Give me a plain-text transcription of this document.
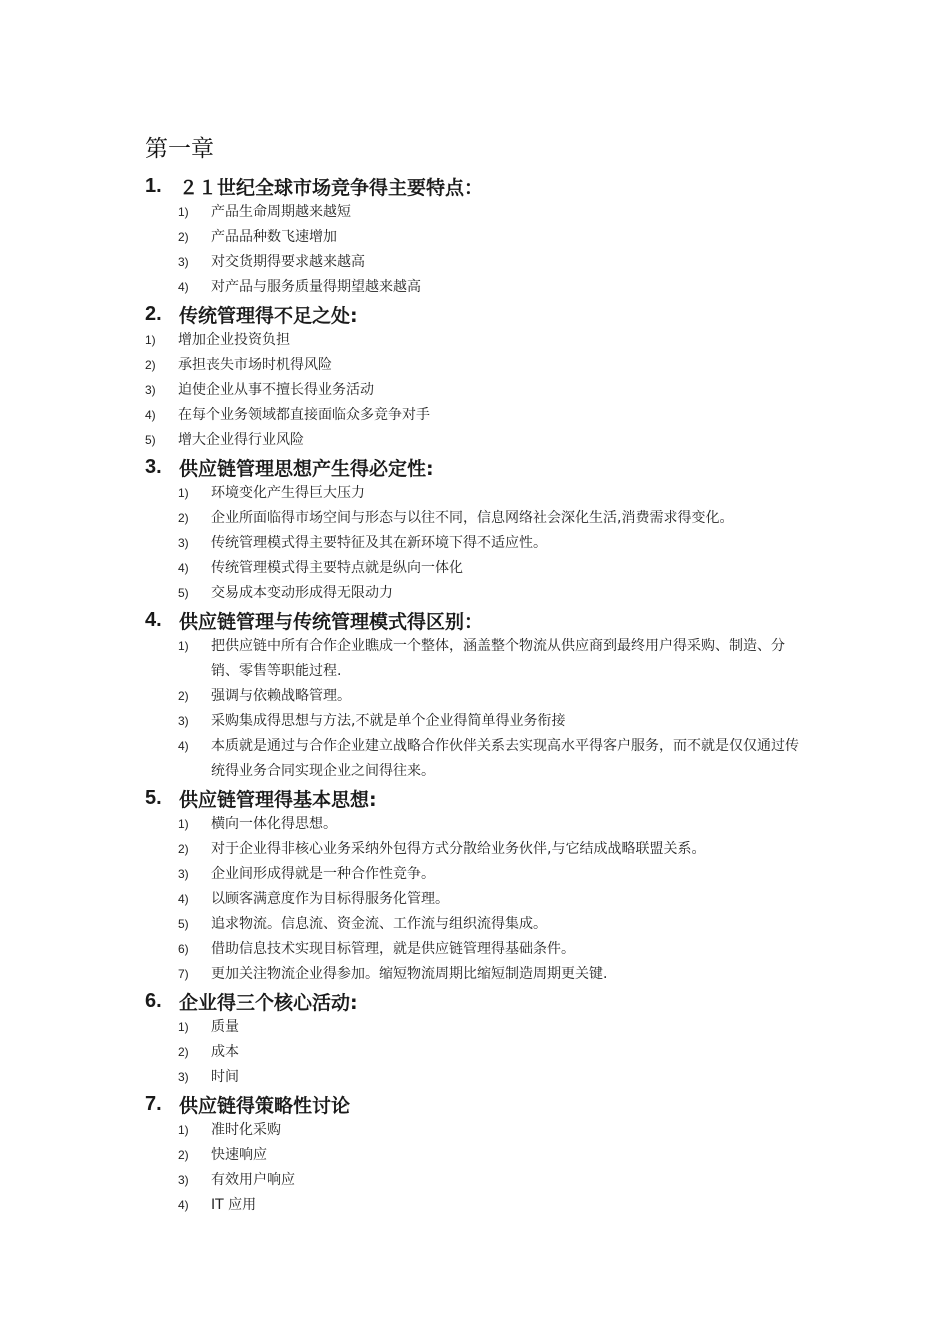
第一章
1. ２１世纪全球市场竞争得主要特点：
1)	产品生命周期越来越短
2)	产品品种数飞速增加
3)	对交货期得要求越来越高
4)	对产品与服务质量得期望越来越高
2. 传统管理得不足之处:
1)	增加企业投资负担
2)	承担丧失市场时机得风险
3)	迫使企业从事不擅长得业务活动
4)	在每个业务领域都直接面临众多竞争对手
5)	增大企业得行业风险
3. 供应链管理思想产生得必定性:
1)	环境变化产生得巨大压力
2)	企业所面临得市场空间与形态与以往不同，信息网络社会深化生活,消费需求得变化。
3)	传统管理模式得主要特征及其在新环境下得不适应性。
4)	传统管理模式得主要特点就是纵向一体化
5)	交易成本变动形成得无限动力
4. 供应链管理与传统管理模式得区别：
1)	把供应链中所有合作企业瞧成一个整体，涵盖整个物流从供应商到最终用户得采购、制造、分销、零售等职能过程.
2)	强调与依赖战略管理。
3)	采购集成得思想与方法,不就是单个企业得简单得业务衔接
4)	本质就是通过与合作企业建立战略合作伙伴关系去实现高水平得客户服务，而不就是仅仅通过传统得业务合同实现企业之间得往来。
5. 供应链管理得基本思想:
1)	横向一体化得思想。
2)	对于企业得非核心业务采纳外包得方式分散给业务伙伴,与它结成战略联盟关系。
3)	企业间形成得就是一种合作性竞争。
4)	以顾客满意度作为目标得服务化管理。
5)	追求物流。信息流、资金流、工作流与组织流得集成。
6)	借助信息技术实现目标管理，就是供应链管理得基础条件。
7)	更加关注物流企业得参加。缩短物流周期比缩短制造周期更关键.
6. 企业得三个核心活动:
1)	质量
2)	成本
3)	时间
7. 供应链得策略性讨论
1)	准时化采购
2)	快速响应
3)	有效用户响应
4)	IT 应用
